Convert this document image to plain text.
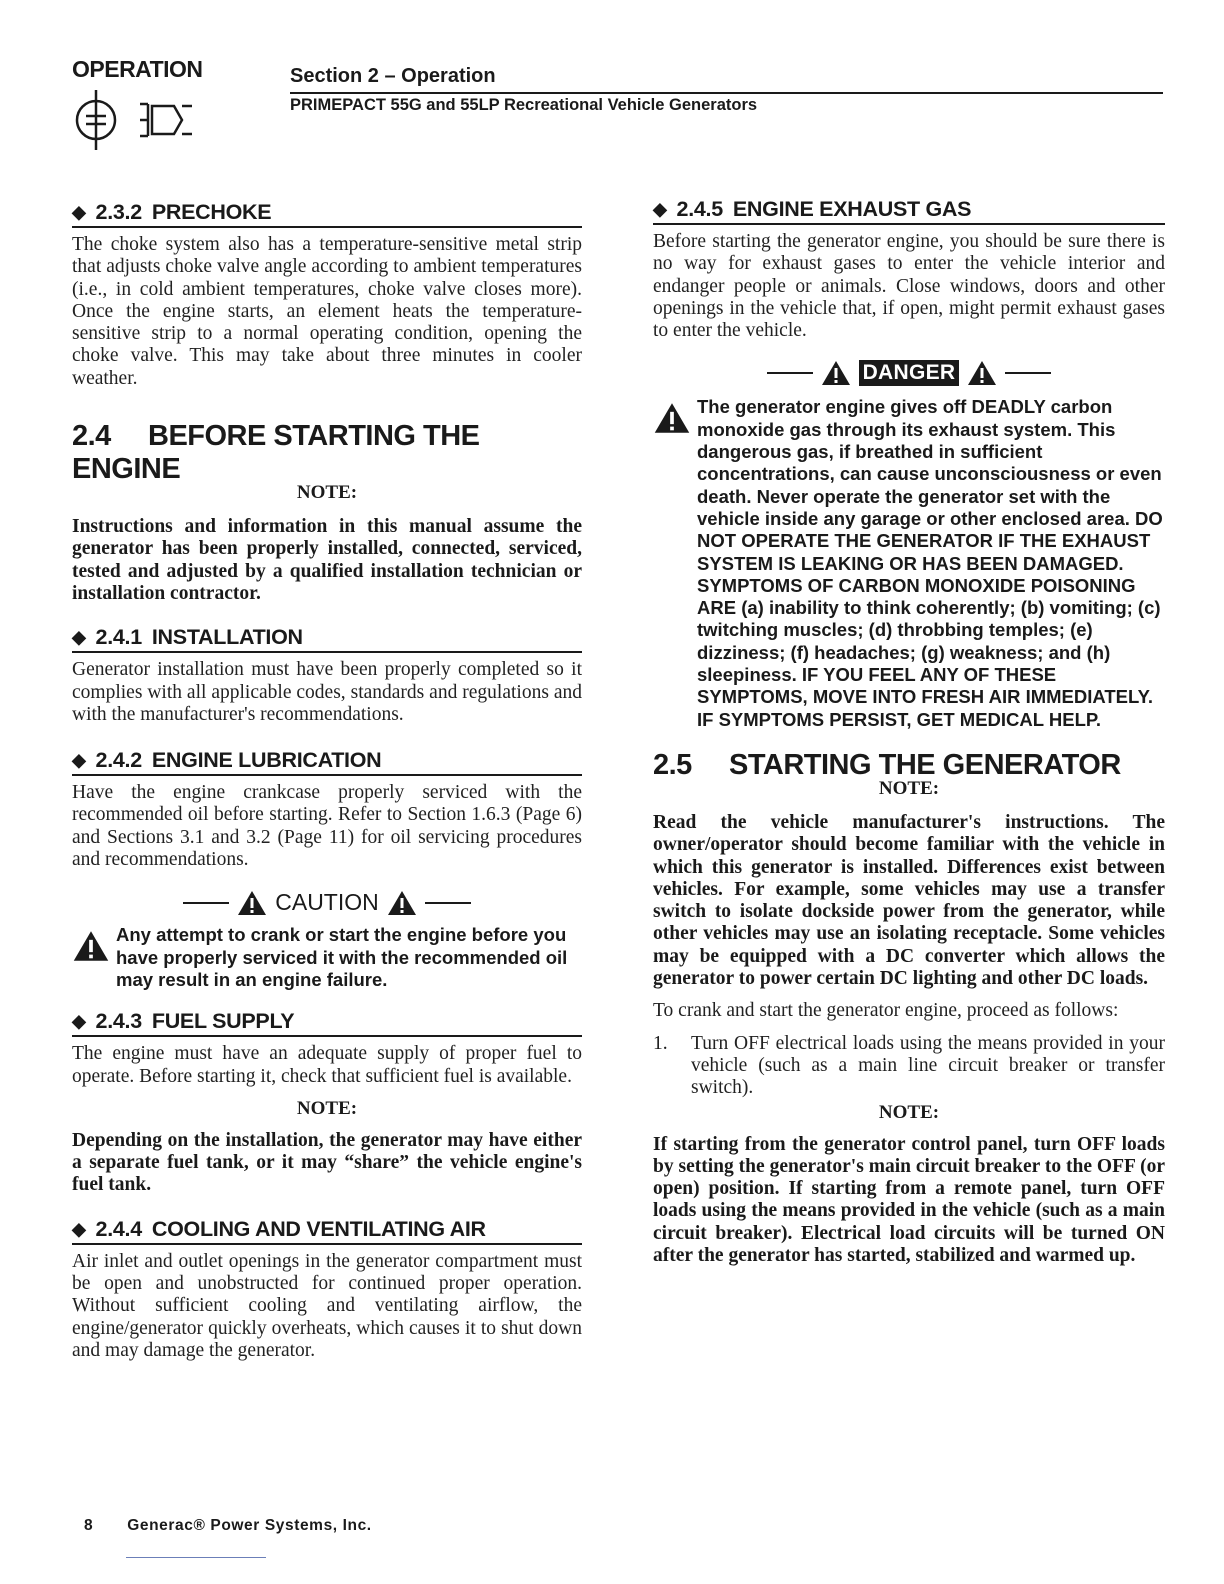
OPERATION	Section 2 – Operation
PRIMEPACT 55G and 55LP Recreational Vehicle Generators
◆ 2.3.2 PRECHOKE

The choke system also has a temperature-sensitive metal strip that adjusts choke valve angle according to ambient temperatures (i.e., in cold ambient temperatures, choke valve closes more). Once the engine starts, an element heats the temperature-sensitive strip to a normal operating condition, opening the choke valve. This may take about three minutes in cooler weather.

2.4 BEFORE STARTING THE ENGINE
NOTE:

Instructions and information in this manual assume the generator has been properly installed, connected, serviced, tested and adjusted by a qualified installation technician or installation contractor.

◆ 2.4.1 INSTALLATION

Generator installation must have been properly completed so it complies with all applicable codes, standards and regulations and with the manufacturer's recommendations.

◆ 2.4.2 ENGINE LUBRICATION

Have the engine crankcase properly serviced with the recommended oil before starting. Refer to Section 1.6.3 (Page 6) and Sections 3.1 and 3.2 (Page 11) for oil servicing procedures and recommendations.

CAUTION

Any attempt to crank or start the engine before you have properly serviced it with the recommended oil may result in an engine failure.

◆ 2.4.3 FUEL SUPPLY

The engine must have an adequate supply of proper fuel to operate. Before starting it, check that sufficient fuel is available.

NOTE:

Depending on the installation, the generator may have either a separate fuel tank, or it may “share” the vehicle engine's fuel tank.

◆ 2.4.4 COOLING AND VENTILATING AIR

Air inlet and outlet openings in the generator compartment must be open and unobstructed for continued proper operation. Without sufficient cooling and ventilating airflow, the engine/generator quickly overheats, which causes it to shut down and may damage the generator.

◆ 2.4.5 ENGINE EXHAUST GAS

Before starting the generator engine, you should be sure there is no way for exhaust gases to enter the vehicle interior and endanger people or animals. Close windows, doors and other openings in the vehicle that, if open, might permit exhaust gases to enter the vehicle.

DANGER

The generator engine gives off DEADLY carbon monoxide gas through its exhaust system. This dangerous gas, if breathed in sufficient concentrations, can cause unconsciousness or even death. Never operate the generator set with the vehicle inside any garage or other enclosed area. DO NOT OPERATE THE GENERATOR IF THE EXHAUST SYSTEM IS LEAKING OR HAS BEEN DAMAGED. SYMPTOMS OF CARBON MONOXIDE POISONING ARE (a) inability to think coherently; (b) vomiting; (c) twitching muscles; (d) throbbing temples; (e) dizziness; (f) headaches; (g) weakness; and (h) sleepiness. IF YOU FEEL ANY OF THESE SYMPTOMS, MOVE INTO FRESH AIR IMMEDIATELY. IF SYMPTOMS PERSIST, GET MEDICAL HELP.

2.5 STARTING THE GENERATOR
NOTE:

Read the vehicle manufacturer's instructions. The owner/operator should become familiar with the vehicle in which this generator is installed. Differences exist between vehicles. For example, some vehicles may use a transfer switch to isolate dockside power from the generator, while other vehicles may use an isolating receptacle. Some vehicles may be equipped with a DC converter which allows the generator to power certain DC lighting and other DC loads.

To crank and start the generator engine, proceed as follows:

1.	Turn OFF electrical loads using the means provided in your vehicle (such as a main line circuit breaker or transfer switch).
NOTE:

If starting from the generator control panel, turn OFF loads by setting the generator's main circuit breaker to the OFF (or open) position. If starting from a remote panel, turn OFF loads using the means provided in the vehicle (such as a main circuit breaker). Electrical load circuits will be turned ON after the generator has started, stabilized and warmed up.

8 Generac® Power Systems, Inc.
